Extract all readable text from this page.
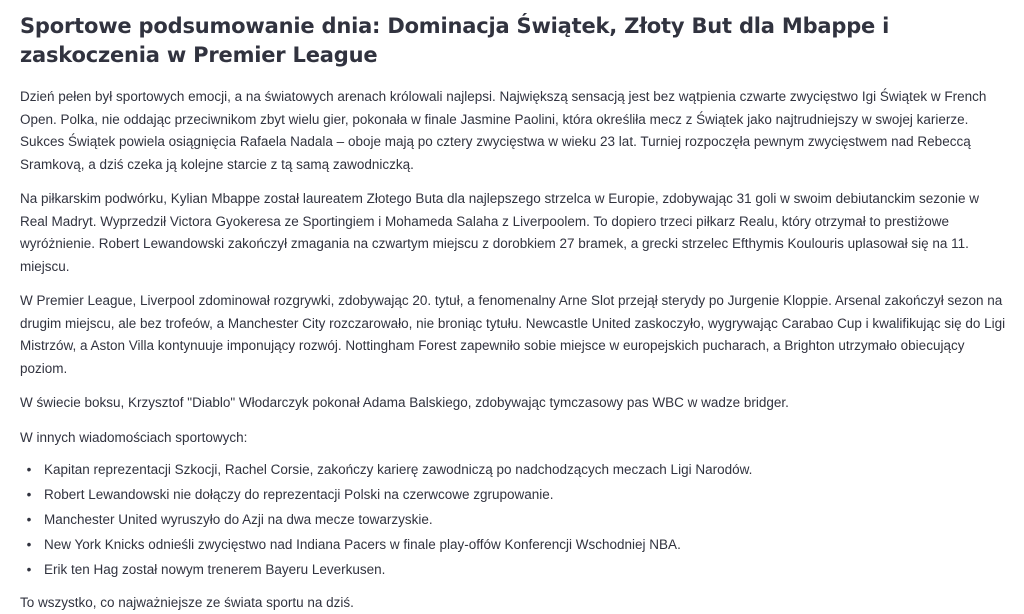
Sportowe podsumowanie dnia: Dominacja Świątek, Złoty But dla Mbappe i zaskoczenia w Premier League

Dzień pełen był sportowych emocji, a na światowych arenach królowali najlepsi. Największą sensacją jest bez wątpienia czwarte zwycięstwo Igi Świątek w French Open. Polka, nie oddając przeciwnikom zbyt wielu gier, pokonała w finale Jasmine Paolini, która określiła mecz z Świątek jako najtrudniejszy w swojej karierze. Sukces Świątek powiela osiągnięcia Rafaela Nadala – oboje mają po cztery zwycięstwa w wieku 23 lat. Turniej rozpoczęła pewnym zwycięstwem nad Rebeccą Sramkovą, a dziś czeka ją kolejne starcie z tą samą zawodniczką.

Na piłkarskim podwórku, Kylian Mbappe został laureatem Złotego Buta dla najlepszego strzelca w Europie, zdobywając 31 goli w swoim debiutanckim sezonie w Real Madryt. Wyprzedził Victora Gyokeresa ze Sportingiem i Mohameda Salaha z Liverpoolem. To dopiero trzeci piłkarz Realu, który otrzymał to prestiżowe wyróżnienie. Robert Lewandowski zakończył zmagania na czwartym miejscu z dorobkiem 27 bramek, a grecki strzelec Efthymis Koulouris uplasował się na 11. miejscu.

W Premier League, Liverpool zdominował rozgrywki, zdobywając 20. tytuł, a fenomenalny Arne Slot przejął sterydy po Jurgenie Kloppie. Arsenal zakończył sezon na drugim miejscu, ale bez trofeów, a Manchester City rozczarowało, nie broniąc tytułu. Newcastle United zaskoczyło, wygrywając Carabao Cup i kwalifikując się do Ligi Mistrzów, a Aston Villa kontynuuje imponujący rozwój. Nottingham Forest zapewniło sobie miejsce w europejskich pucharach, a Brighton utrzymało obiecujący poziom.

W świecie boksu, Krzysztof "Diablo" Włodarczyk pokonał Adama Balskiego, zdobywając tymczasowy pas WBC w wadze bridger.

W innych wiadomościach sportowych:

• Kapitan reprezentacji Szkocji, Rachel Corsie, zakończy karierę zawodniczą po nadchodzących meczach Ligi Narodów.
• Robert Lewandowski nie dołączy do reprezentacji Polski na czerwcowe zgrupowanie.
• Manchester United wyruszyło do Azji na dwa mecze towarzyskie.
• New York Knicks odnieśli zwycięstwo nad Indiana Pacers w finale play-offów Konferencji Wschodniej NBA.
• Erik ten Hag został nowym trenerem Bayeru Leverkusen.

To wszystko, co najważniejsze ze świata sportu na dziś.
